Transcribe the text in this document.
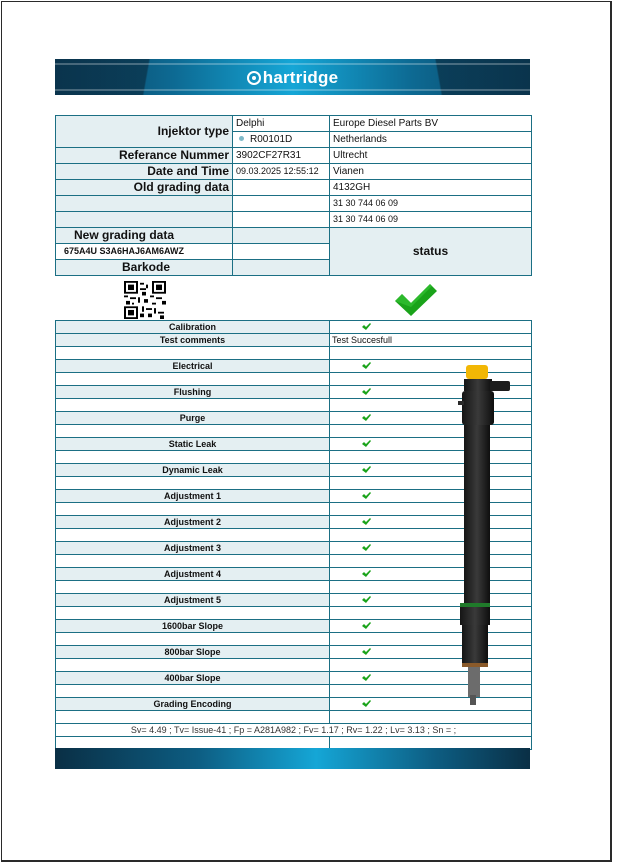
hartridge
Injektor type	Delphi	Europe Diesel Parts BV
	R00101D	Netherlands
Referance Nummer	3902CF27R31	Ultrecht
Date and Time	09.03.2025 12:55:12	Vianen
Old grading data		4132GH
		31 30 744 06 09
		31 30 744 06 09
New grading data		status
675A4U S3A6HAJ6AM6AWZ		
Barkode		
Calibration	
Test comments	Test Succesfull

Electrical	

Flushing	

Purge	

Static Leak	

Dynamic Leak	

Adjustment 1	

Adjustment 2	

Adjustment 3	

Adjustment 4	

Adjustment 5	

1600bar Slope	

800bar Slope	

400bar Slope	

Grading Encoding	

Sv= 4.49 ; Tv= Issue-41 ; Fp = A281A982 ; Fv= 1.17 ; Rv= 1.22 ; Lv= 3.13 ; Sn = ;	
